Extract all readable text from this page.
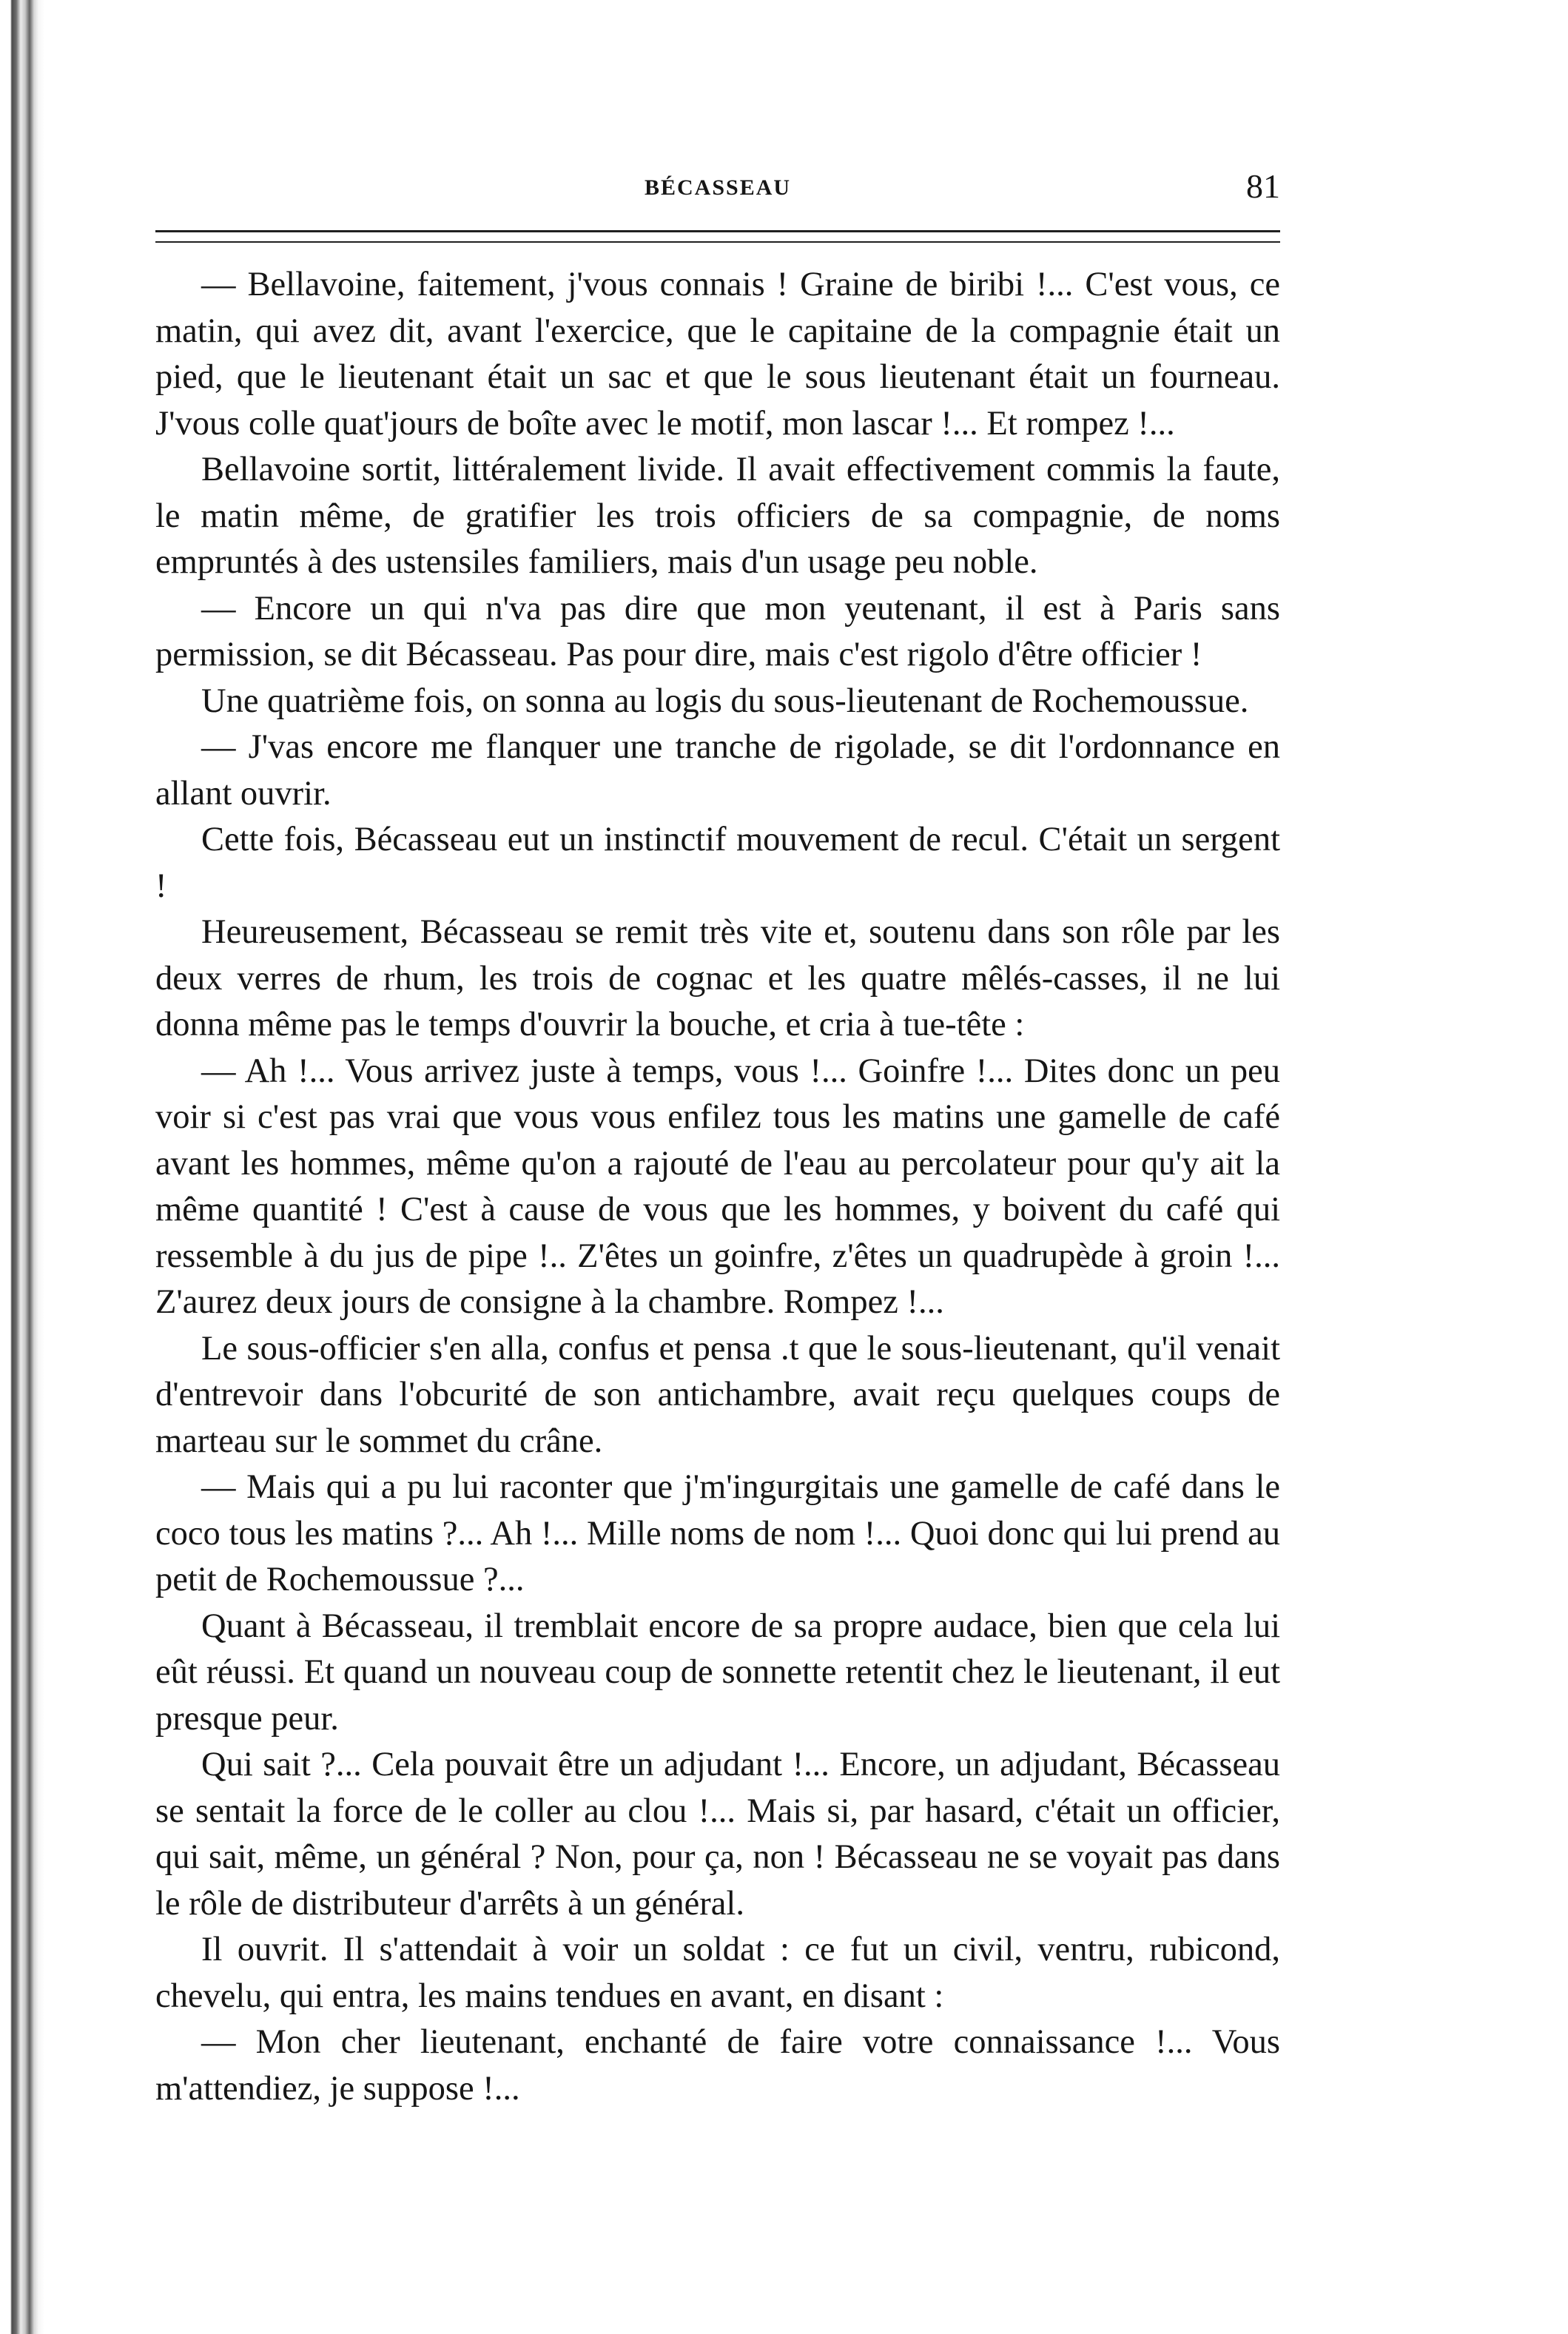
BÉCASSEAU	81

— Bellavoine, faitement, j'vous connais ! Graine de biribi !... C'est vous, ce matin, qui avez dit, avant l'exercice, que le capitaine de la compagnie était un pied, que le lieutenant était un sac et que le sous lieutenant était un fourneau. J'vous colle quat'jours de boîte avec le motif, mon lascar !... Et rompez !...

Bellavoine sortit, littéralement livide. Il avait effectivement commis la faute, le matin même, de gratifier les trois officiers de sa compagnie, de noms empruntés à des ustensiles familiers, mais d'un usage peu noble.

— Encore un qui n'va pas dire que mon yeutenant, il est à Paris sans permission, se dit Bécasseau. Pas pour dire, mais c'est rigolo d'être officier !

Une quatrième fois, on sonna au logis du sous-lieutenant de Rochemoussue.

— J'vas encore me flanquer une tranche de rigolade, se dit l'ordonnance en allant ouvrir.

Cette fois, Bécasseau eut un instinctif mouvement de recul. C'était un sergent !

Heureusement, Bécasseau se remit très vite et, soutenu dans son rôle par les deux verres de rhum, les trois de cognac et les quatre mêlés-casses, il ne lui donna même pas le temps d'ouvrir la bouche, et cria à tue-tête :

— Ah !... Vous arrivez juste à temps, vous !... Goinfre !... Dites donc un peu voir si c'est pas vrai que vous vous enfilez tous les matins une gamelle de café avant les hommes, même qu'on a rajouté de l'eau au percolateur pour qu'y ait la même quantité ! C'est à cause de vous que les hommes, y boivent du café qui ressemble à du jus de pipe !.. Z'êtes un goinfre, z'êtes un quadrupède à groin !... Z'aurez deux jours de consigne à la chambre. Rompez !...

Le sous-officier s'en alla, confus et pensa .t que le sous-lieutenant, qu'il venait d'entrevoir dans l'obcurité de son antichambre, avait reçu quelques coups de marteau sur le sommet du crâne.

— Mais qui a pu lui raconter que j'm'ingurgitais une gamelle de café dans le coco tous les matins ?... Ah !... Mille noms de nom !... Quoi donc qui lui prend au petit de Rochemoussue ?...

Quant à Bécasseau, il tremblait encore de sa propre audace, bien que cela lui eût réussi. Et quand un nouveau coup de sonnette retentit chez le lieutenant, il eut presque peur.

Qui sait ?... Cela pouvait être un adjudant !... Encore, un adjudant, Bécasseau se sentait la force de le coller au clou !... Mais si, par hasard, c'était un officier, qui sait, même, un général ? Non, pour ça, non ! Bécasseau ne se voyait pas dans le rôle de distributeur d'arrêts à un général.

Il ouvrit. Il s'attendait à voir un soldat : ce fut un civil, ventru, rubicond, chevelu, qui entra, les mains tendues en avant, en disant :

— Mon cher lieutenant, enchanté de faire votre connaissance !... Vous m'attendiez, je suppose !...
